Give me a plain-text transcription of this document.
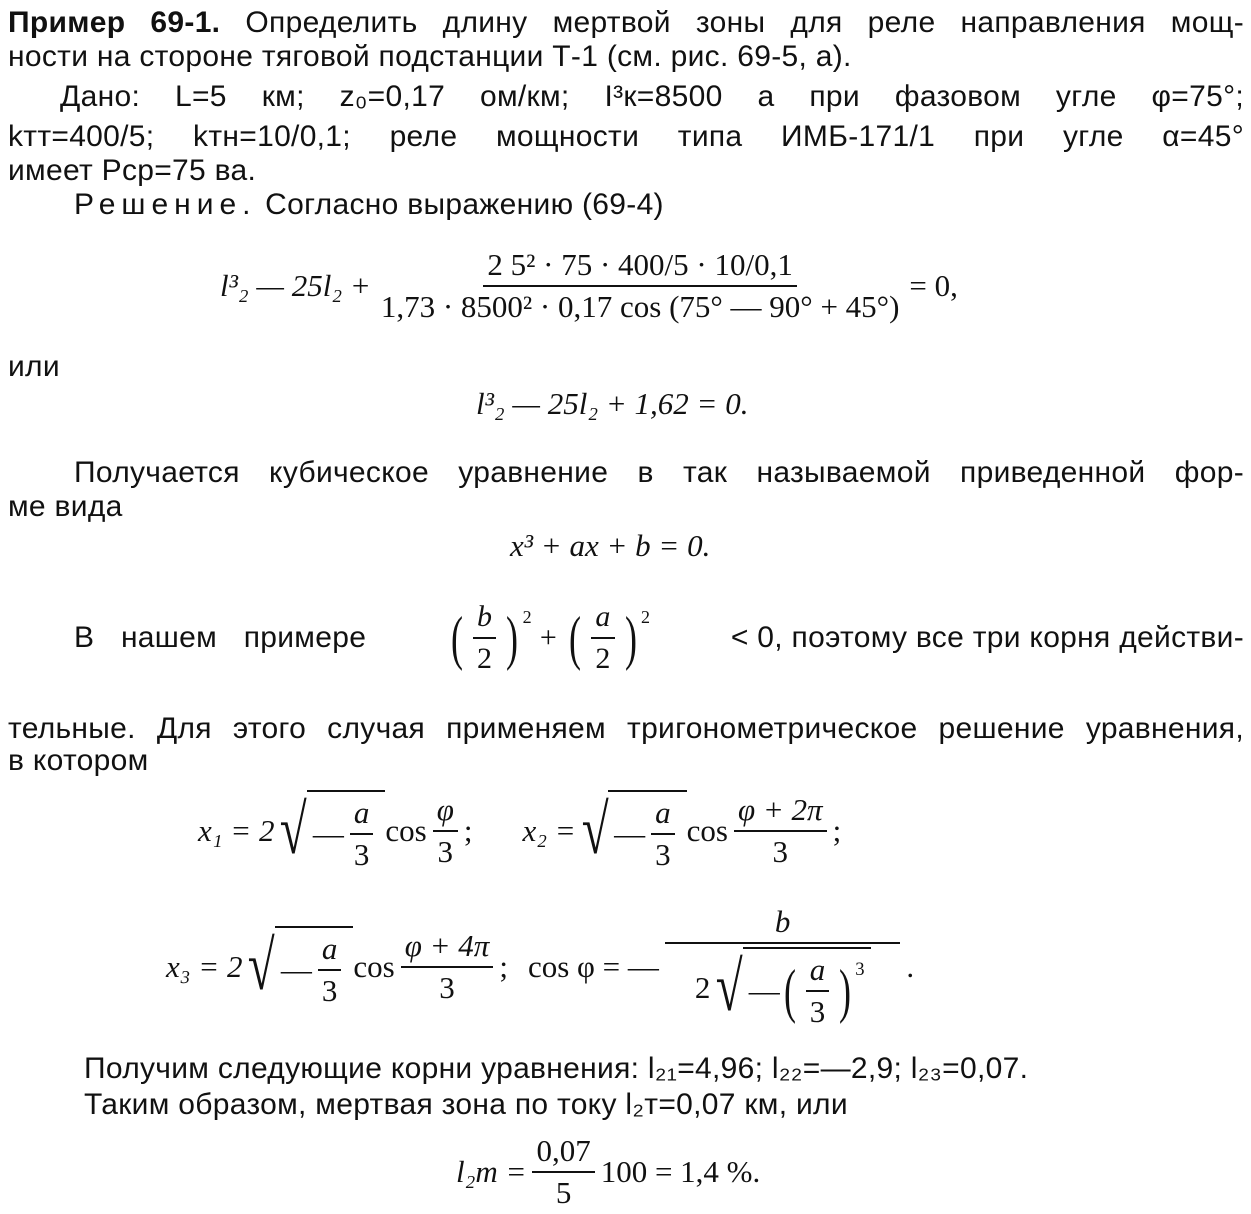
Пример 69-1. Определить длину мертвой зоны для реле направления мощ-
ности на стороне тяговой подстанции Т-1 (см. рис. 69-5, а).
Дано: L=5 км; z₀=0,17 ом/км; I³к=8500 а при фазовом угле φ=75°;
kтт=400/5; kтн=10/0,1; реле мощности типа ИМБ-171/1 при угле α=45°
имеет Pср=75 ва.
Решение. Согласно выражению (69-4)
l³₂ — $25l_2 + \frac{\text{2 5² · 75 · 400/5 · 10/0,1}}{\text{1,73 · 8500² · 0,17 cos (75° — 90° + 45°)}} = 0$,
или
l³₂ — 25l₂ + 1,62 = 0.
Получается кубическое уравнение в так называемой приведенной фор-
ме вида
x³ + ax + b = 0.
В нашем примере ( $\frac{b}{2} )^2$
+ ( $\frac{a}{2} )^2$
< 0, поэтому все три корня действи-
тельные. Для этого случая применяем тригонометрическое решение уравнения,
в котором
x₁ = 2 √ — $\frac{a}{3}$ $\cos \frac{\varphi}{3}$ ; x₂ = √ — $\frac{a}{3}$ $\cos \frac{\varphi + 2\pi}{3}$ ;
x₃ = 2 √ — $\frac{a}{3}$ $\cos \frac{\varphi + 4\pi}{3}$ ; cos φ = —
b
2 √ — ( $\frac{a}{3} )^3$ .
Получим следующие корни уравнения: l₂₁=4,96; l₂₂=—2,9; l₂₃=0,07.
Таким образом, мертвая зона по току l₂т=0,07 км, или
$l_2т = \frac{0,07}{5} 100 = 1,4$ %.
